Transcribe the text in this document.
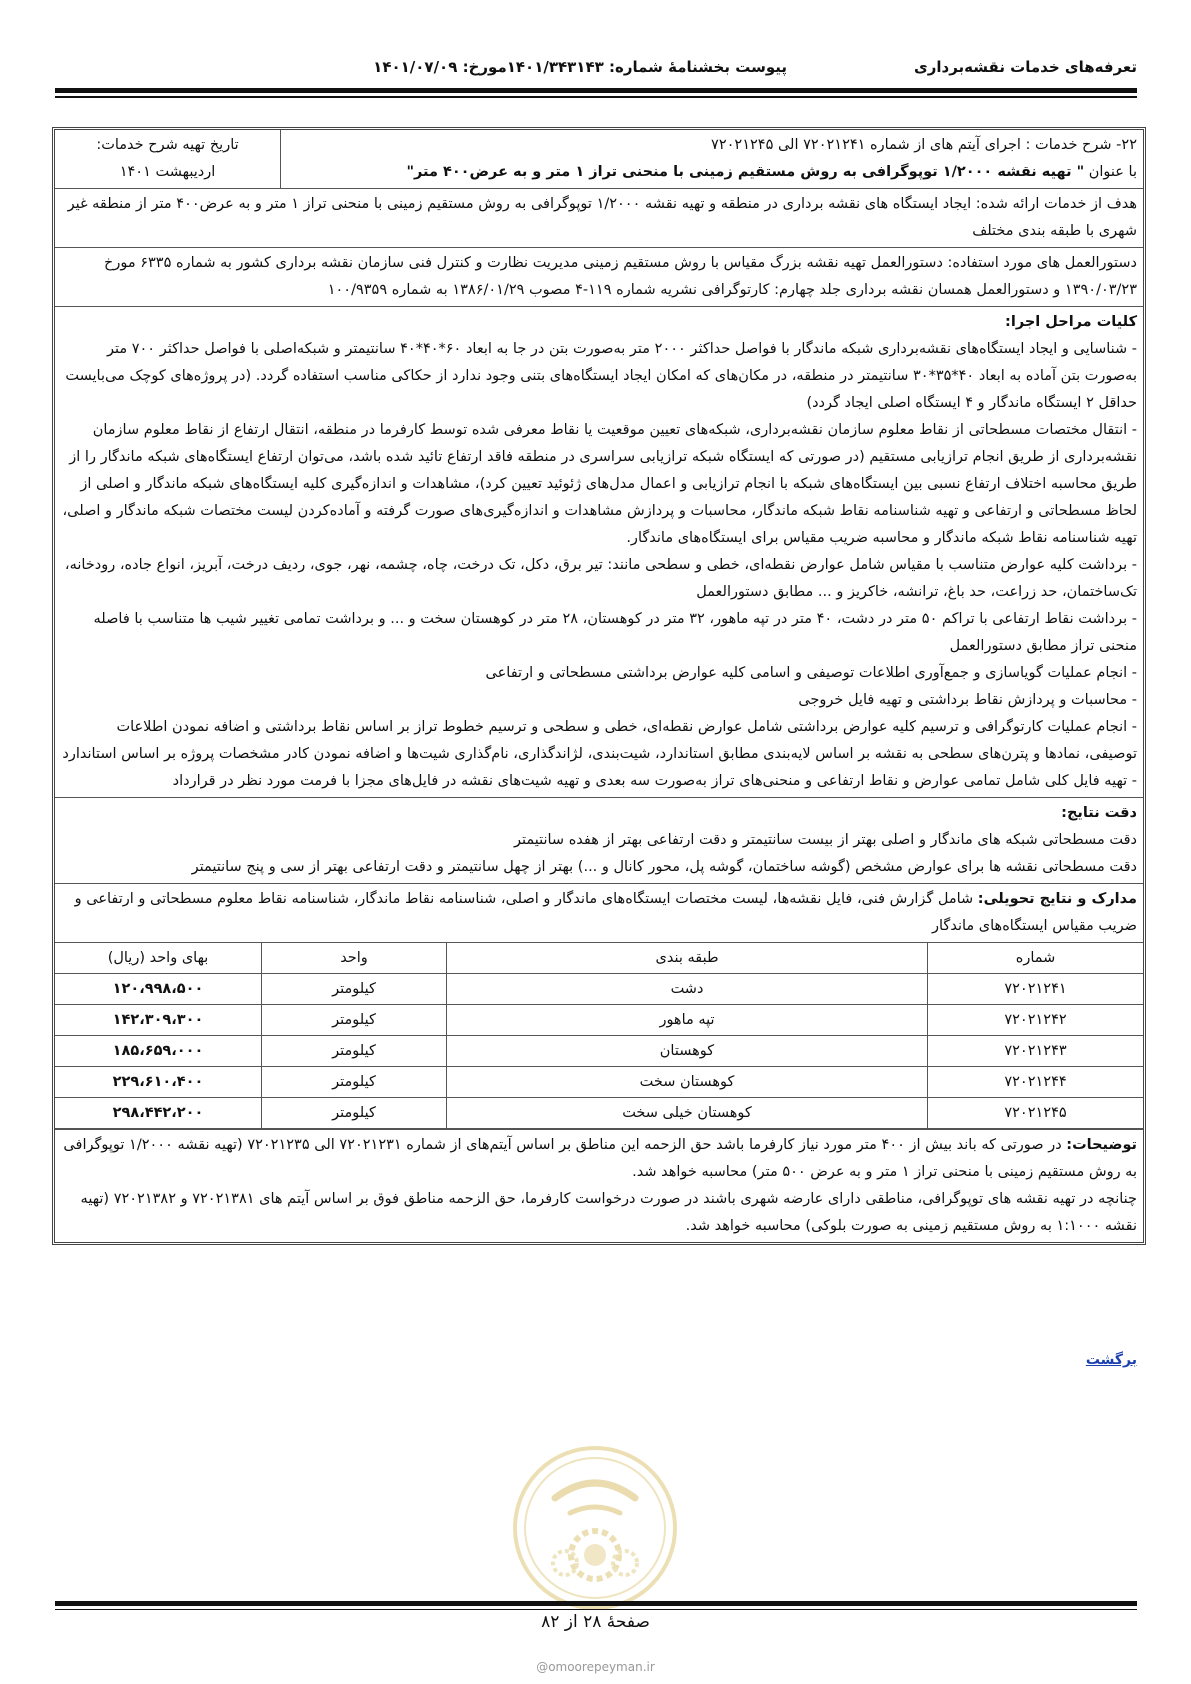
تعرفه‌های خدمات نقشه‌برداری
پیوست بخشنامهٔ شماره: ۱۴۰۱/۳۴۳۱۴۳مورخ: ۱۴۰۱/۰۷/۰۹

۲۲- شرح خدمات : اجرای آیتم های از شماره ۷۲۰۲۱۲۴۱ الی ۷۲۰۲۱۲۴۵

با عنوان " تهیه نقشه ۱/۲۰۰۰ توپوگرافی به روش مستقیم زمینی با منحنی تراز ۱ متر و به عرض۴۰۰ متر"

تاریخ تهیه شرح خدمات:

اردیبهشت ۱۴۰۱

هدف از خدمات ارائه شده: ایجاد ایستگاه های نقشه برداری در منطقه و تهیه نقشه ۱/۲۰۰۰ توپوگرافی به روش مستقیم زمینی با منحنی تراز ۱ متر و به عرض۴۰۰ متر از منطقه غیر شهری با طبقه بندی مختلف

دستورالعمل های مورد استفاده: دستورالعمل تهیه نقشه بزرگ مقیاس با روش مستقیم زمینی مدیریت نظارت و کنترل فنی سازمان نقشه برداری کشور به شماره ۶۳۳۵ مورخ ۱۳۹۰/۰۳/۲۳ و دستورالعمل همسان نقشه برداری جلد چهارم: کارتوگرافی نشریه شماره ۱۱۹-۴ مصوب ۱۳۸۶/۰۱/۲۹ به شماره ۱۰۰/۹۳۵۹

کلیات مراحل اجرا:

- شناسایی و ایجاد ایستگاه‌های نقشه‌برداری شبکه ماندگار با فواصل حداکثر ۲۰۰۰ متر به‌صورت بتن در جا به ابعاد ۶۰*۴۰*۴۰ سانتیمتر و شبکه‌اصلی با فواصل حداکثر ۷۰۰ متر به‌صورت بتن آماده به ابعاد ۴۰*۳۵*۳۰ سانتیمتر در منطقه، در مکان‌های که امکان ایجاد ایستگاه‌های بتنی وجود ندارد از حکاکی مناسب استفاده گردد. (در پروژه‌های کوچک می‌بایست حداقل ۲ ایستگاه ماندگار و ۴ ایستگاه اصلی ایجاد گردد)

- انتقال مختصات مسطحاتی از نقاط معلوم سازمان نقشه‌برداری، شبکه‌های تعیین موقعیت یا نقاط معرفی شده توسط کارفرما در منطقه، انتقال ارتفاع از نقاط معلوم سازمان نقشه‌برداری از طریق انجام ترازیابی مستقیم (در صورتی که ایستگاه شبکه ترازیابی سراسری در منطقه فاقد ارتفاع تائید شده باشد، می‌توان ارتفاع ایستگاه‌های شبکه ماندگار را از طریق محاسبه اختلاف ارتفاع نسبی بین ایستگاه‌های شبکه با انجام ترازیابی و اعمال مدل‌های ژئوئید تعیین کرد)، مشاهدات و اندازه‌گیری کلیه ایستگاه‌های شبکه ماندگار و اصلی از لحاظ مسطحاتی و ارتفاعی و تهیه شناسنامه نقاط شبکه ماندگار، محاسبات و پردازش مشاهدات و اندازه‌گیری‌های صورت گرفته و آماده‌کردن لیست مختصات شبکه ماندگار و اصلی، تهیه شناسنامه نقاط شبکه ماندگار و محاسبه ضریب مقیاس برای ایستگاه‌های ماندگار.

- برداشت کلیه عوارض متناسب با مقیاس شامل عوارض نقطه‌ای، خطی و سطحی مانند: تیر برق، دکل، تک درخت، چاه، چشمه، نهر، جوی، ردیف درخت، آبریز، انواع جاده، رودخانه، تک‌ساختمان، حد زراعت، حد باغ، ترانشه، خاکریز و ... مطابق دستورالعمل

- برداشت نقاط ارتفاعی با تراکم ۵۰ متر در دشت، ۴۰ متر در تپه ماهور، ۳۲ متر در کوهستان، ۲۸ متر در کوهستان سخت و ... و برداشت تمامی تغییر شیب ها متناسب با فاصله منحنی تراز مطابق دستورالعمل

- انجام عملیات گویاسازی و جمع‌آوری اطلاعات توصیفی و اسامی کلیه عوارض برداشتی مسطحاتی و ارتفاعی

- محاسبات و پردازش نقاط برداشتی و تهیه فایل خروجی

- انجام عملیات کارتوگرافی و ترسیم کلیه عوارض برداشتی شامل عوارض نقطه‌ای، خطی و سطحی و ترسیم خطوط تراز بر اساس نقاط برداشتی و اضافه نمودن اطلاعات توصیفی، نمادها و پترن‌های سطحی به نقشه بر اساس لایه‌بندی مطابق استاندارد، شیت‌بندی، لژاندگذاری، نام‌گذاری شیت‌ها و اضافه نمودن کادر مشخصات پروژه بر اساس استاندارد

- تهیه فایل کلی شامل تمامی عوارض و نقاط ارتفاعی و منحنی‌های تراز به‌صورت سه بعدی و تهیه شیت‌های نقشه در فایل‌های مجزا با فرمت مورد نظر در قرارداد

دقت نتایج:

دقت مسطحاتی شبکه های ماندگار و اصلی بهتر از بیست سانتیمتر و دقت ارتفاعی بهتر از هفده سانتیمتر

دقت مسطحاتی نقشه ها برای عوارض مشخص (گوشه ساختمان، گوشه پل، محور کانال و ...) بهتر از چهل سانتیمتر و دقت ارتفاعی بهتر از سی و پنج سانتیمتر

مدارک و نتایج تحویلی: شامل گزارش فنی، فایل نقشه‌ها، لیست مختصات ایستگاه‌های ماندگار و اصلی، شناسنامه نقاط ماندگار، شناسنامه نقاط معلوم مسطحاتی و ارتفاعی و ضریب مقیاس ایستگاه‌های ماندگار

شماره	طبقه بندی	واحد	بهای واحد (ریال)
۷۲۰۲۱۲۴۱	دشت	کیلومتر	۱۲۰،۹۹۸،۵۰۰
۷۲۰۲۱۲۴۲	تپه ماهور	کیلومتر	۱۴۲،۳۰۹،۳۰۰
۷۲۰۲۱۲۴۳	کوهستان	کیلومتر	۱۸۵،۶۵۹،۰۰۰
۷۲۰۲۱۲۴۴	کوهستان سخت	کیلومتر	۲۲۹،۶۱۰،۴۰۰
۷۲۰۲۱۲۴۵	کوهستان خیلی سخت	کیلومتر	۲۹۸،۴۴۲،۲۰۰

توضیحات: در صورتی که باند بیش از ۴۰۰ متر مورد نیاز کارفرما باشد حق الزحمه این مناطق بر اساس آیتم‌های از شماره ۷۲۰۲۱۲۳۱ الی ۷۲۰۲۱۲۳۵ (تهیه نقشه ۱/۲۰۰۰ توپوگرافی به روش مستقیم زمینی با منحنی تراز ۱ متر و به عرض ۵۰۰ متر) محاسبه خواهد شد.

چنانچه در تهیه نقشه های توپوگرافی، مناطقی دارای عارضه شهری باشند در صورت درخواست کارفرما، حق الزحمه مناطق فوق بر اساس آیتم های ۷۲۰۲۱۳۸۱ و ۷۲۰۲۱۳۸۲ (تهیه نقشه ۱:۱۰۰۰ به روش مستقیم زمینی به صورت بلوکی) محاسبه خواهد شد.

برگشت
صفحهٔ ۲۸ از ۸۲
@omoorepeyman.ir
